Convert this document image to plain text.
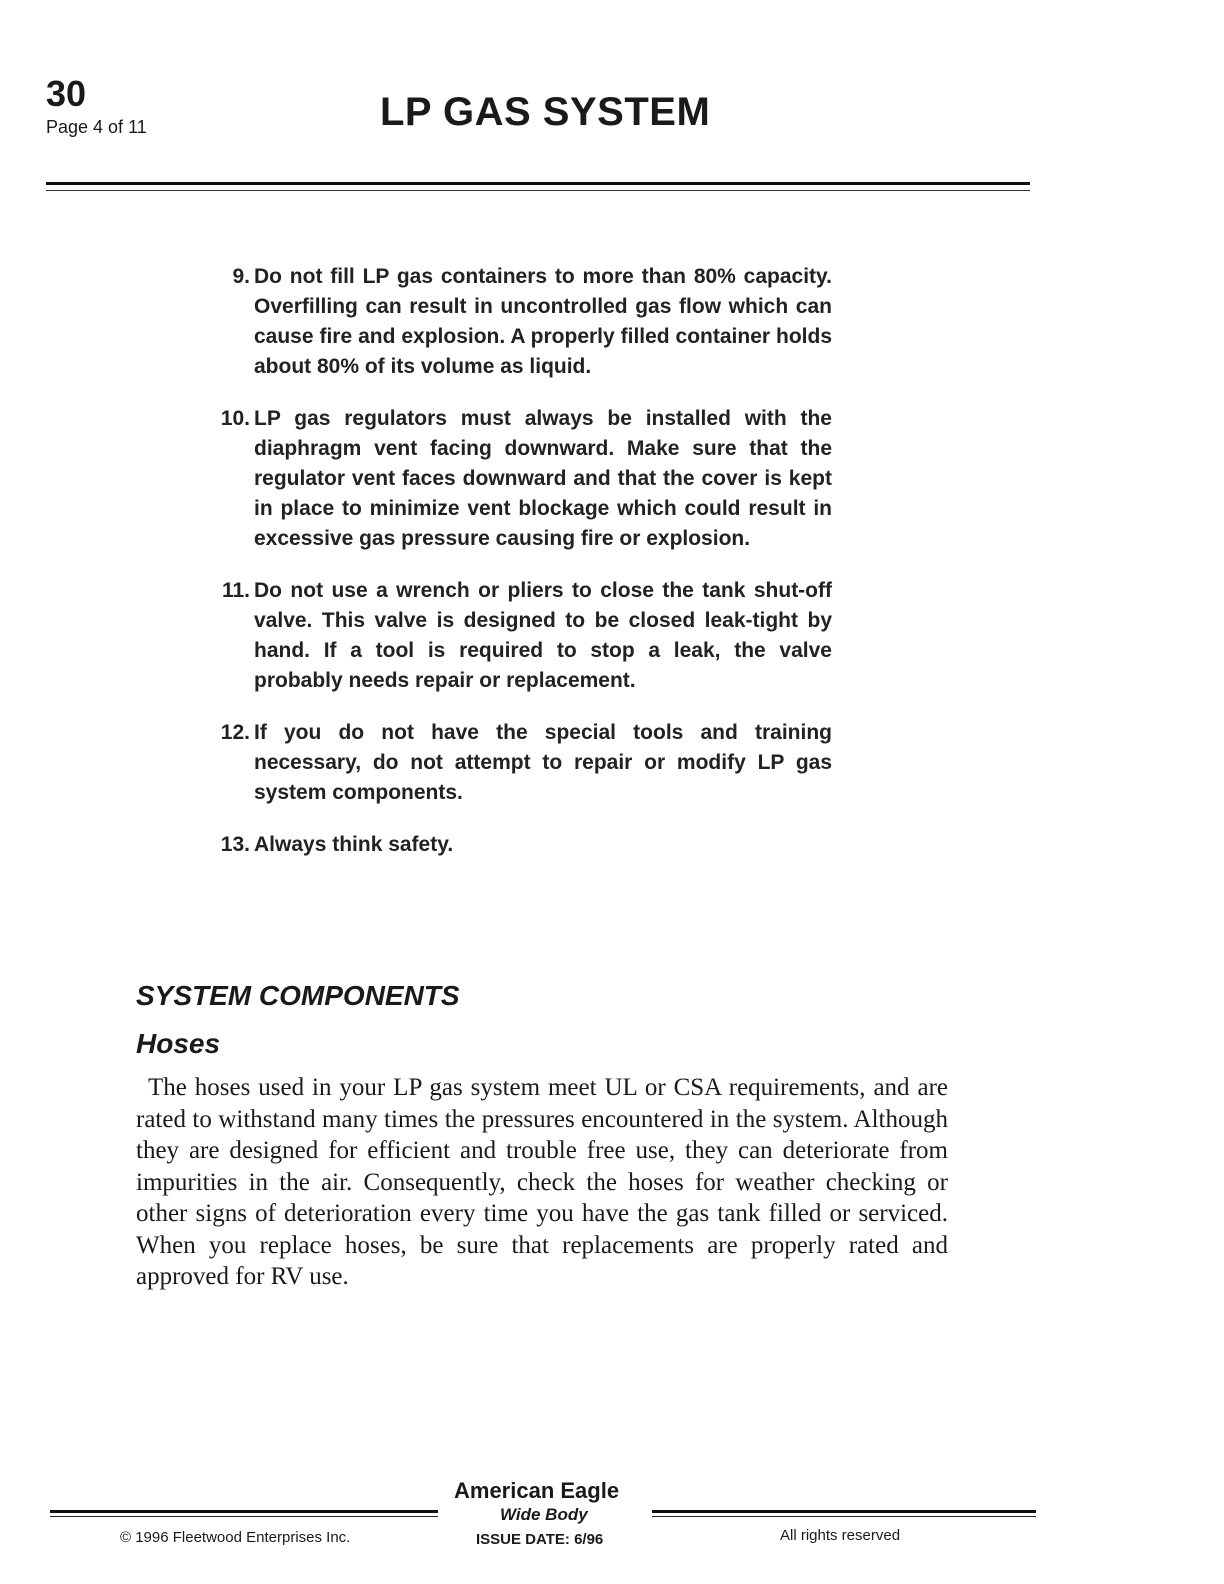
30
Page 4 of 11	LP GAS SYSTEM
9. Do not fill LP gas containers to more than 80% capacity. Overfilling can result in uncontrolled gas flow which can cause fire and explosion. A properly filled container holds about 80% of its volume as liquid.
10. LP gas regulators must always be installed with the diaphragm vent facing downward. Make sure that the regulator vent faces downward and that the cover is kept in place to minimize vent blockage which could result in excessive gas pressure causing fire or explosion.
11. Do not use a wrench or pliers to close the tank shut-off valve. This valve is designed to be closed leak-tight by hand. If a tool is required to stop a leak, the valve probably needs repair or replacement.
12. If you do not have the special tools and training necessary, do not attempt to repair or modify LP gas system components.
13. Always think safety.
SYSTEM COMPONENTS
Hoses
The hoses used in your LP gas system meet UL or CSA requirements, and are rated to withstand many times the pressures encountered in the system. Although they are designed for efficient and trouble free use, they can deteriorate from impurities in the air. Consequently, check the hoses for weather checking or other signs of deterioration every time you have the gas tank filled or serviced. When you replace hoses, be sure that replacements are properly rated and approved for RV use.
American Eagle
Wide Body
© 1996 Fleetwood Enterprises Inc.	ISSUE DATE: 6/96	All rights reserved
